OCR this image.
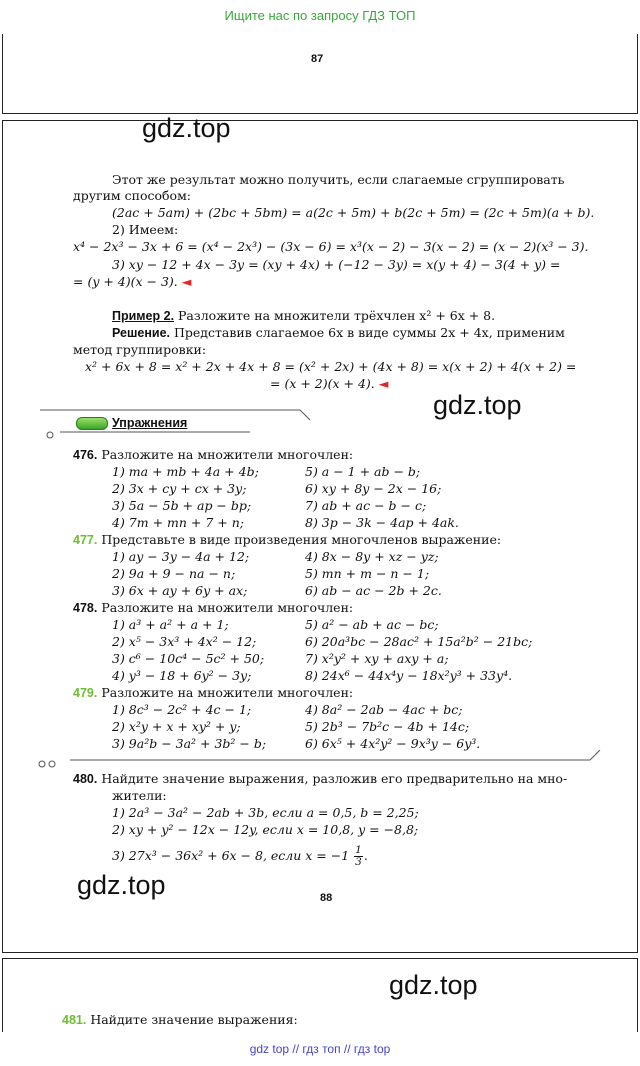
Ищите нас по запросу ГДЗ ТОП
87
gdz.top
gdz.top
gdz.top
gdz.top
Этот же результат можно получить, если слагаемые сгруппировать
другим способом:
(2ac + 5am) + (2bc + 5bm) = a(2c + 5m) + b(2c + 5m) = (2c + 5m)(a + b).
2) Имеем:
x⁴ − 2x³ − 3x + 6 = (x⁴ − 2x³) − (3x − 6) = x³(x − 2) − 3(x − 2) = (x − 2)(x³ − 3).
3) xy − 12 + 4x − 3y = (xy + 4x) + (−12 − 3y) = x(y + 4) − 3(4 + y) =
= (y + 4)(x − 3). ◄
Пример 2. Разложите на множители трёхчлен x² + 6x + 8.
Решение. Представив слагаемое 6x в виде суммы 2x + 4x, применим
метод группировки:
x² + 6x + 8 = x² + 2x + 4x + 8 = (x² + 2x) + (4x + 8) = x(x + 2) + 4(x + 2) =
= (x + 2)(x + 4). ◄
Упражнения
476. Разложите на множители многочлен:
1) ma + mb + 4a + 4b;
2) 3x + cy + cx + 3y;
3) 5a − 5b + ap − bp;
4) 7m + mn + 7 + n;
5) a − 1 + ab − b;
6) xy + 8y − 2x − 16;
7) ab + ac − b − c;
8) 3p − 3k − 4ap + 4ak.
477. Представьте в виде произведения многочленов выражение:
1) ay − 3y − 4a + 12;
2) 9a + 9 − na − n;
3) 6x + ay + 6y + ax;
4) 8x − 8y + xz − yz;
5) mn + m − n − 1;
6) ab − ac − 2b + 2c.
478. Разложите на множители многочлен:
1) a³ + a² + a + 1;
2) x⁵ − 3x³ + 4x² − 12;
3) c⁶ − 10c⁴ − 5c² + 50;
4) y³ − 18 + 6y² − 3y;
5) a² − ab + ac − bc;
6) 20a³bc − 28ac² + 15a²b² − 21bc;
7) x²y² + xy + axy + a;
8) 24x⁶ − 44x⁴y − 18x²y³ + 33y⁴.
479. Разложите на множители многочлен:
1) 8c³ − 2c² + 4c − 1;
2) x²y + x + xy² + y;
3) 9a²b − 3a² + 3b² − b;
4) 8a² − 2ab − 4ac + bc;
5) 2b³ − 7b²c − 4b + 14c;
6) 6x⁵ + 4x²y² − 9x³y − 6y³.
480. Найдите значение выражения, разложив его предварительно на мно-
жители:
1) 2a³ − 3a² − 2ab + 3b, если a = 0,5, b = 2,25;
2) xy + y² − 12x − 12y, если x = 10,8, y = −8,8;
3) 27x³ − 36x² + 6x − 8, если $x = -1 \frac{1}{3}$ .
88
481. Найдите значение выражения:
gdz top // гдз топ // гдз top
